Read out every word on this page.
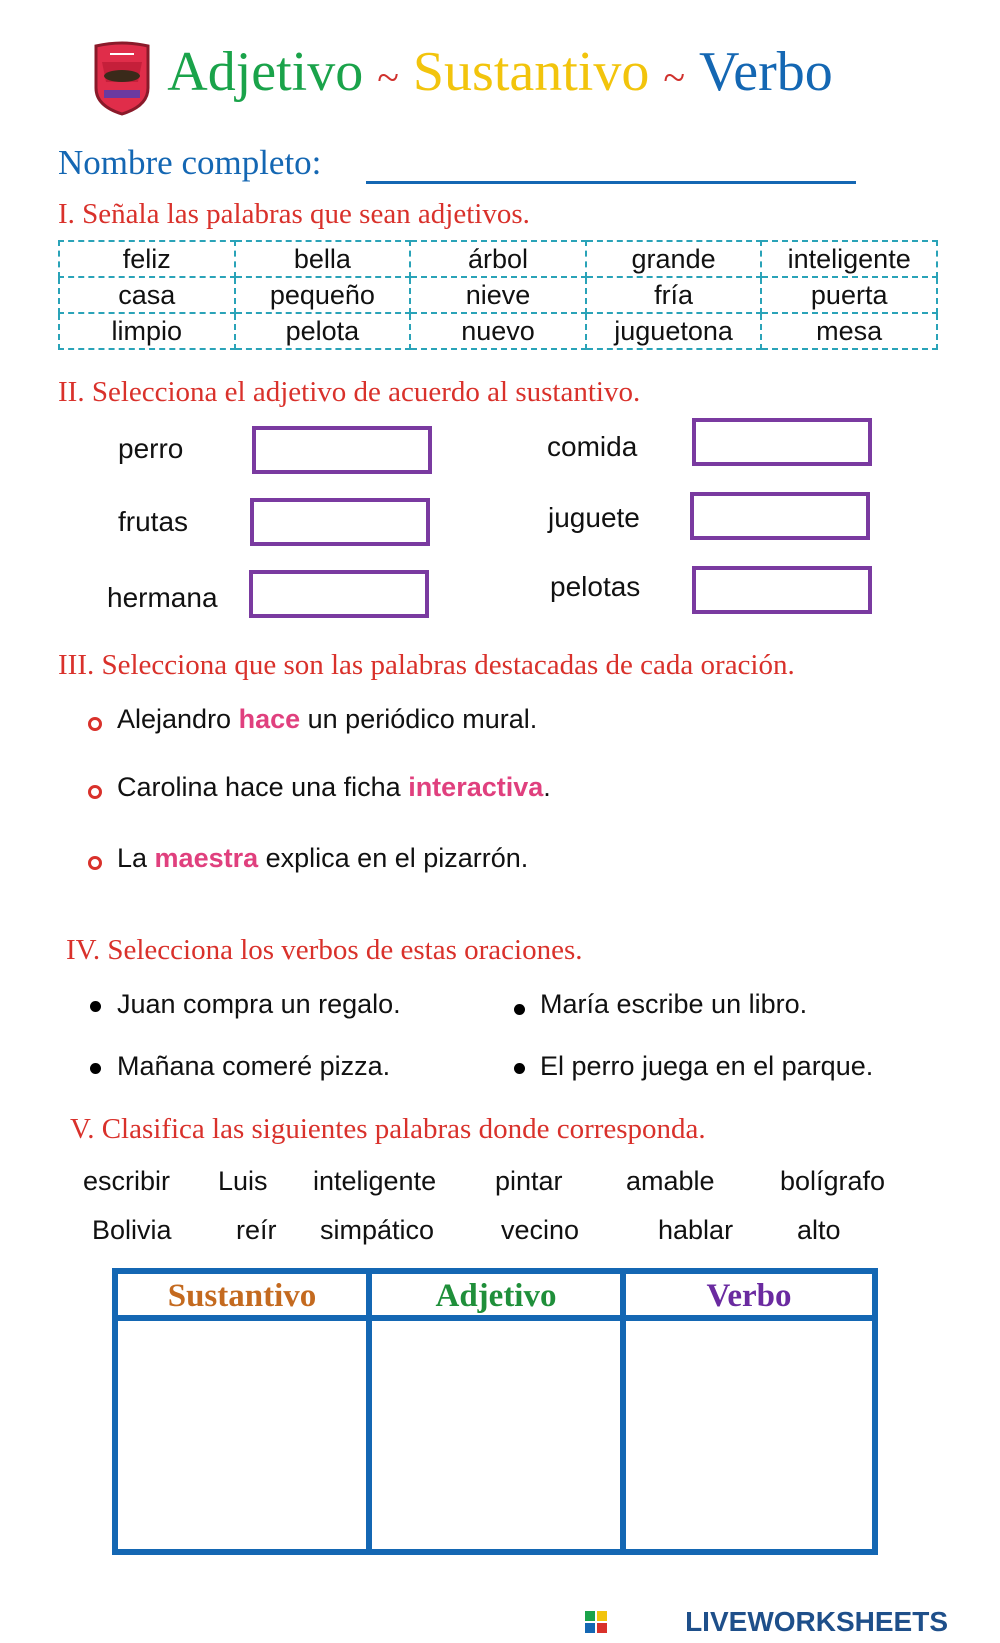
Adjetivo ~ Sustantivo ~ Verbo
Nombre completo:
I. Señala las palabras que sean adjetivos.
feliz	bella	árbol	grande	inteligente
casa	pequeño	nieve	fría	puerta
limpio	pelota	nuevo	juguetona	mesa
II. Selecciona el adjetivo de acuerdo al sustantivo.
perro	comida
frutas	juguete
hermana	pelotas
III. Selecciona que son las palabras destacadas de cada oración.
Alejandro hace un periódico mural.
Carolina hace una ficha interactiva.
La maestra explica en el pizarrón.
IV. Selecciona los verbos de estas oraciones.
Juan compra un regalo.	María escribe un libro.
Mañana comeré pizza.	El perro juega en el parque.
V. Clasifica las siguientes palabras donde corresponda.
escribir Luis inteligente pintar amable bolígrafo
Bolivia reír simpático vecino	hablar alto
Sustantivo	Adjetivo	Verbo
LIVEWORKSHEETS
